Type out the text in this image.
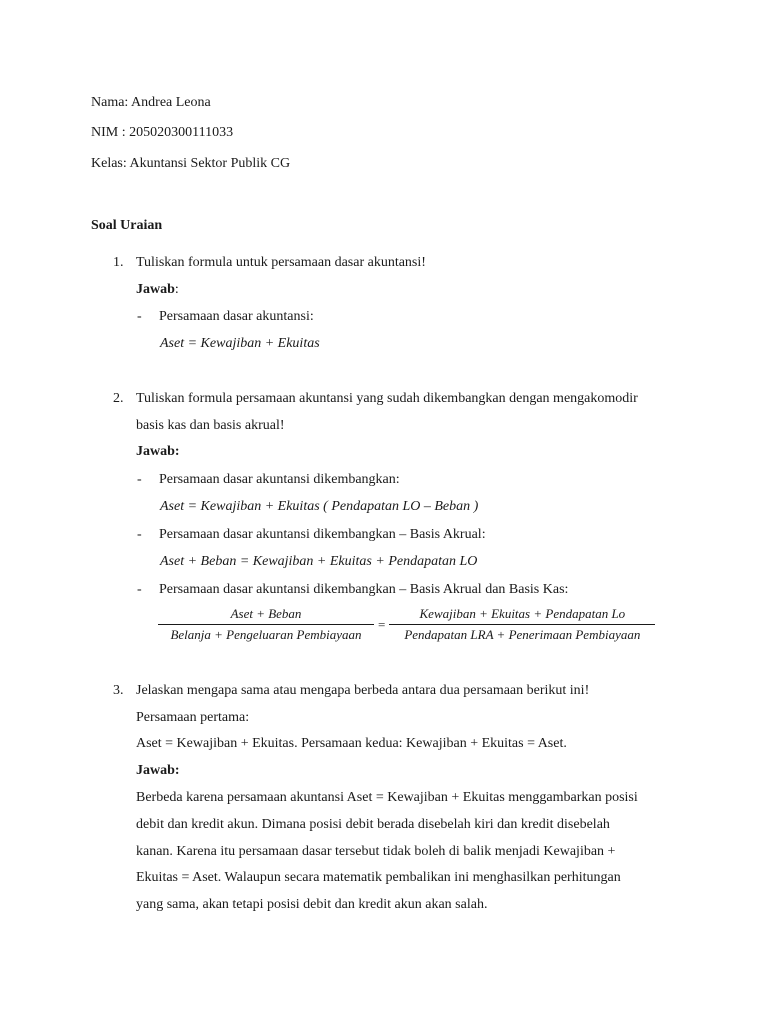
Nama: Andrea Leona
NIM : 205020300111033
Kelas: Akuntansi Sektor Publik CG
Soal Uraian
1. Tuliskan formula untuk persamaan dasar akuntansi!
Jawab:
- Persamaan dasar akuntansi:
Aset = Kewajiban + Ekuitas
2. Tuliskan formula persamaan akuntansi yang sudah dikembangkan dengan mengakomodir
basis kas dan basis akrual!
Jawab:
- Persamaan dasar akuntansi dikembangkan:
Aset = Kewajiban + Ekuitas ( Pendapatan LO – Beban )
- Persamaan dasar akuntansi dikembangkan – Basis Akrual:
Aset + Beban = Kewajiban + Ekuitas + Pendapatan LO
- Persamaan dasar akuntansi dikembangkan – Basis Akrual dan Basis Kas:
$\frac{\text{Aset + Beban}}{\text{Belanja + Pengeluaran Pembiayaan}} = \frac{\text{Kewajiban + Ekuitas + Pendapatan Lo}}{\text{Pendapatan LRA + Penerimaan Pembiayaan}}$
3. Jelaskan mengapa sama atau mengapa berbeda antara dua persamaan berikut ini!
Persamaan pertama:
Aset = Kewajiban + Ekuitas. Persamaan kedua: Kewajiban + Ekuitas = Aset.
Jawab:
Berbeda karena persamaan akuntansi Aset = Kewajiban + Ekuitas menggambarkan posisi
debit dan kredit akun. Dimana posisi debit berada disebelah kiri dan kredit disebelah
kanan. Karena itu persamaan dasar tersebut tidak boleh di balik menjadi Kewajiban +
Ekuitas = Aset. Walaupun secara matematik pembalikan ini menghasilkan perhitungan
yang sama, akan tetapi posisi debit dan kredit akun akan salah.
